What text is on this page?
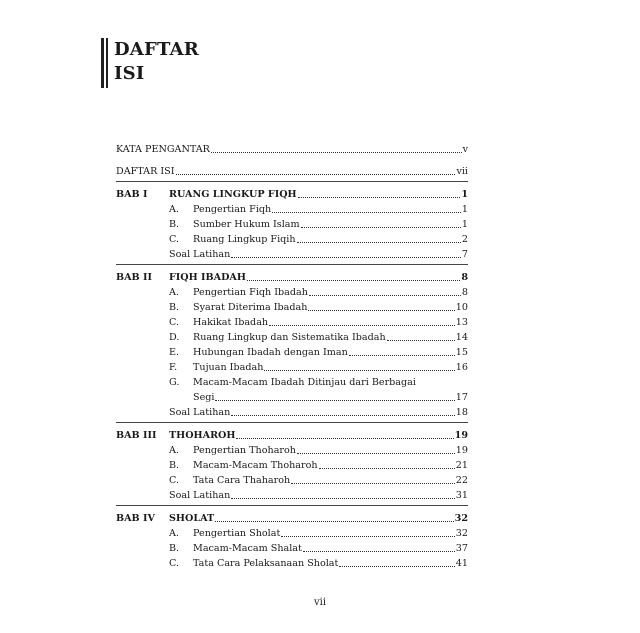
DAFTAR
ISI
KATA PENGANTAR	v
DAFTAR ISI	vii
BAB I	RUANG LINGKUP FIQH	1
A.	Pengertian Fiqh	1
B.	Sumber Hukum Islam	1
C.	Ruang Lingkup Fiqih	2
Soal Latihan	7
BAB II	FIQH IBADAH	8
A.	Pengertian Fiqh Ibadah	8
B.	Syarat Diterima Ibadah	10
C.	Hakikat Ibadah	13
D.	Ruang Lingkup dan Sistematika Ibadah	14
E.	Hubungan Ibadah dengan Iman	15
F.	Tujuan Ibadah	16
G.	Macam-Macam Ibadah Ditinjau dari Berbagai
Segi	17
Soal Latihan	18
BAB III	THOHAROH	19
A.	Pengertian Thoharoh	19
B.	Macam-Macam Thoharoh	21
C.	Tata Cara Thaharoh	22
Soal Latihan	31
BAB IV	SHOLAT	32
A.	Pengertian Sholat	32
B.	Macam-Macam Shalat	37
C.	Tata Cara Pelaksanaan Sholat	41
vii
